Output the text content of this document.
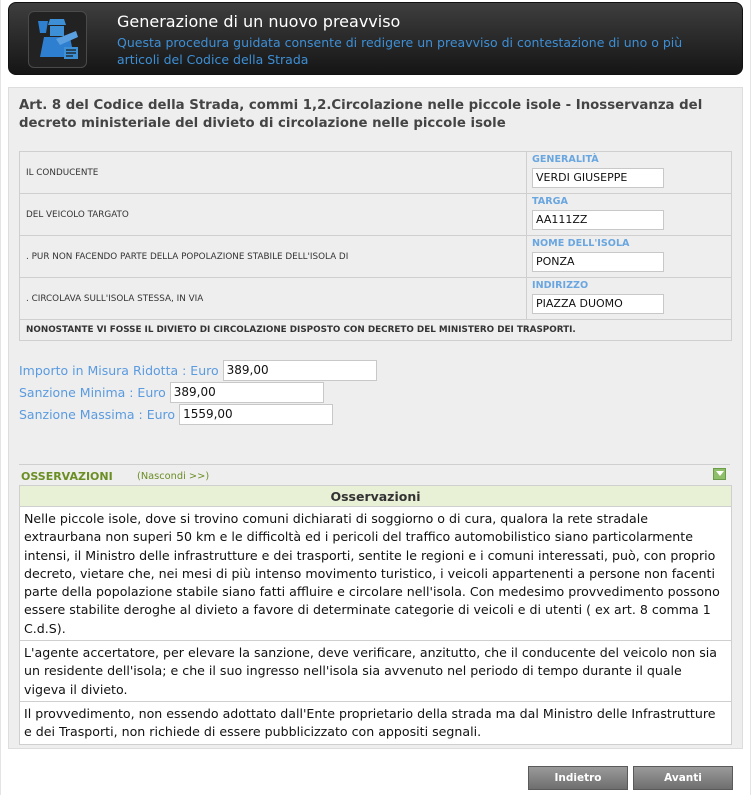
Generazione di un nuovo preavviso
Questa procedura guidata consente di redigere un preavviso di contestazione di uno o più articoli del Codice della Strada
Art. 8 del Codice della Strada, commi 1,2.Circolazione nelle piccole isole - Inosservanza del decreto ministeriale del divieto di circolazione nelle piccole isole
IL CONDUCENTE	GENERALITÀ
VERDI GIUSEPPE

DEL VEICOLO TARGATO	TARGA
AA111ZZ

. PUR NON FACENDO PARTE DELLA POPOLAZIONE STABILE DELL'ISOLA DI	NOME DELL'ISOLA
PONZA

. CIRCOLAVA SULL'ISOLA STESSA, IN VIA	INDIRIZZO
PIAZZA DUOMO

NONOSTANTE VI FOSSE IL DIVIETO DI CIRCOLAZIONE DISPOSTO CON DECRETO DEL MINISTERO DEI TRASPORTI.	
Importo in Misura Ridotta : Euro 389,00
Sanzione Minima : Euro 389,00
Sanzione Massima : Euro 1559,00
OSSERVAZIONI (Nascondi >>)
Osservazioni
Nelle piccole isole, dove si trovino comuni dichiarati di soggiorno o di cura, qualora la rete stradale extraurbana non superi 50 km e le difficoltà ed i pericoli del traffico automobilistico siano particolarmente intensi, il Ministro delle infrastrutture e dei trasporti, sentite le regioni e i comuni interessati, può, con proprio decreto, vietare che, nei mesi di più intenso movimento turistico, i veicoli appartenenti a persone non facenti parte della popolazione stabile siano fatti affluire e circolare nell'isola. Con medesimo provvedimento possono essere stabilite deroghe al divieto a favore di determinate categorie di veicoli e di utenti ( ex art. 8 comma 1 C.d.S).
L'agente accertatore, per elevare la sanzione, deve verificare, anzitutto, che il conducente del veicolo non sia un residente dell'isola; e che il suo ingresso nell'isola sia avvenuto nel periodo di tempo durante il quale vigeva il divieto.
Il provvedimento, non essendo adottato dall'Ente proprietario della strada ma dal Ministro delle Infrastrutture e dei Trasporti, non richiede di essere pubblicizzato con appositi segnali.
Indietro	Avanti
